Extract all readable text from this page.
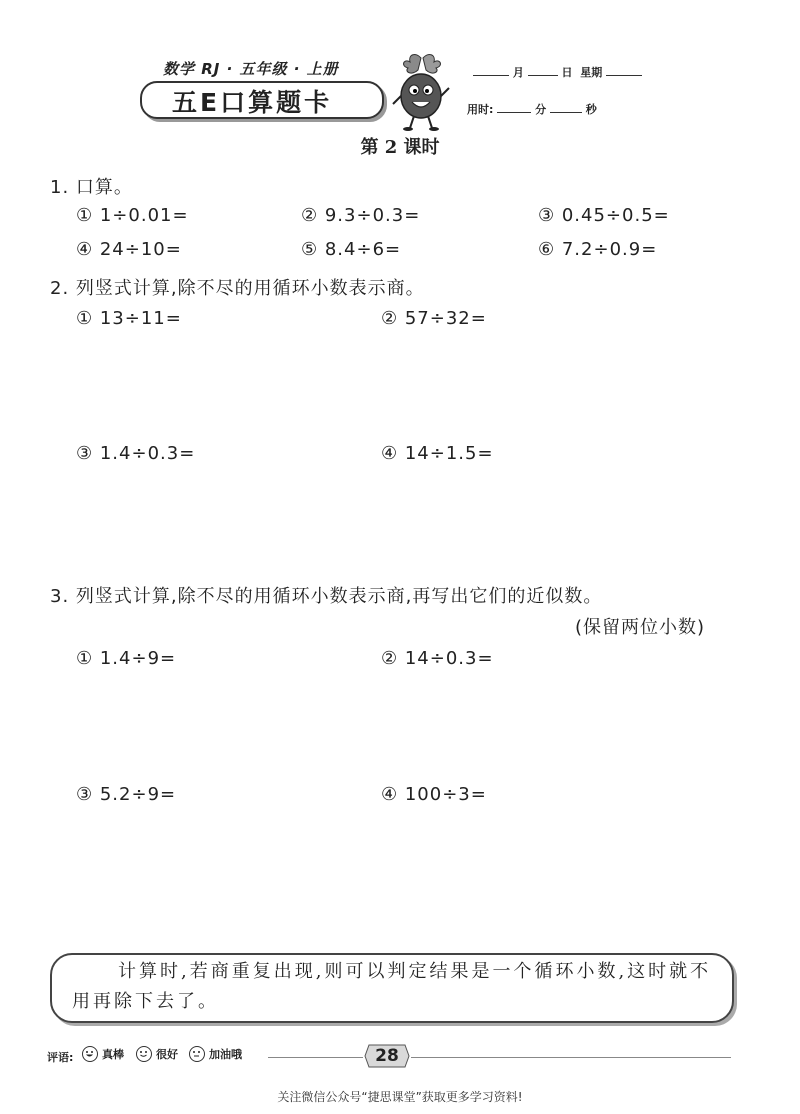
数学 RJ · 五年级 · 上册
五E口算题卡
月	日 星期
用时:	分	秒
第 2 课时
1. 口算。
① 1÷0.01=	② 9.3÷0.3=	③ 0.45÷0.5=
④ 24÷10=	⑤ 8.4÷6=	⑥ 7.2÷0.9=
2. 列竖式计算,除不尽的用循环小数表示商。
① 13÷11=	② 57÷32=
③ 1.4÷0.3=	④ 14÷1.5=
3. 列竖式计算,除不尽的用循环小数表示商,再写出它们的近似数。
(保留两位小数)
① 1.4÷9=	② 14÷0.3=
③ 5.2÷9=	④ 100÷3=
计算时,若商重复出现,则可以判定结果是一个循环小数,这时就不用再除下去了。
评语:	真棒	很好	加油哦	28
关注微信公众号“捷思课堂”获取更多学习资料!
